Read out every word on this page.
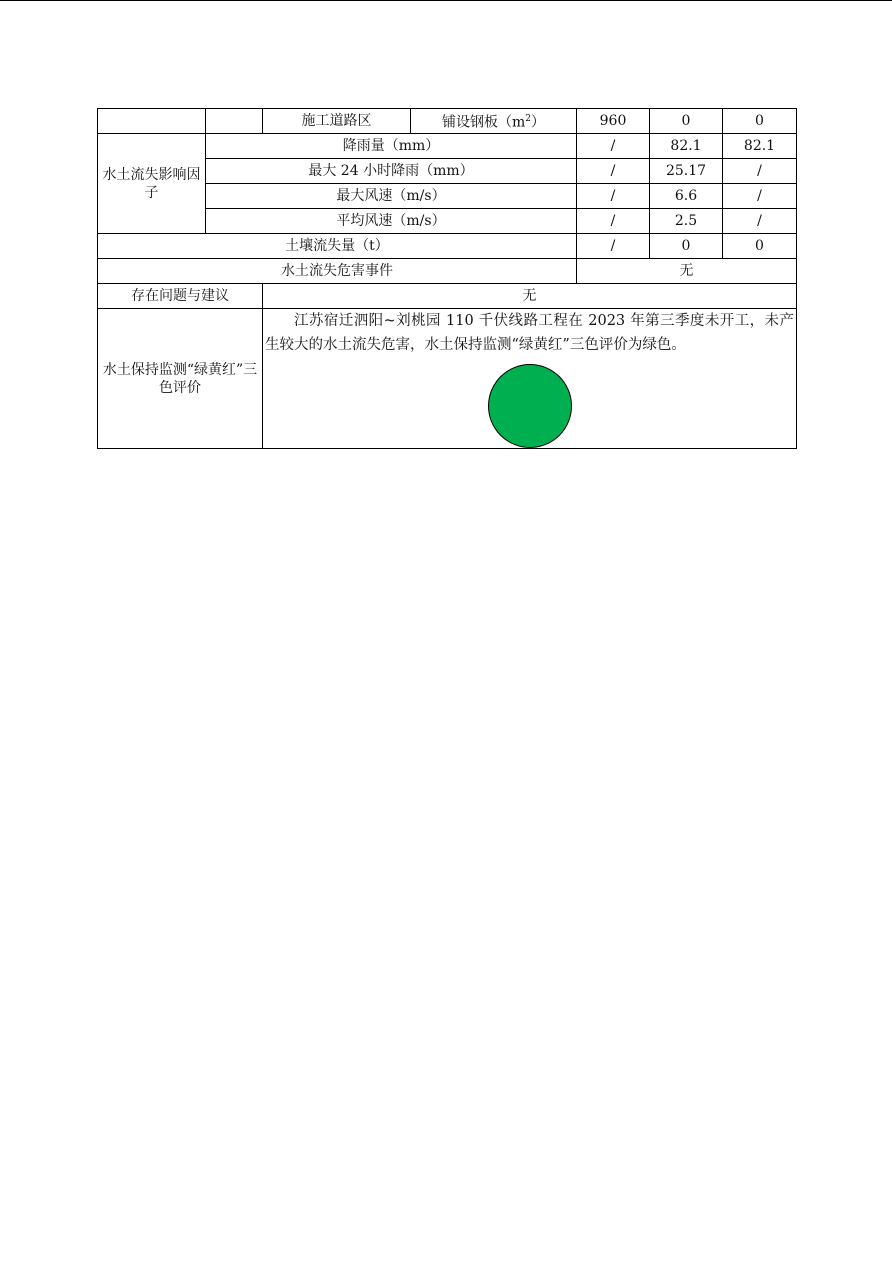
		施工道路区	铺设钢板$(m^2)$	960	0	0
水土流失影响因子	降雨量（mm）			/	82.1	82.1
	最大 24 小时降雨（mm）			/	25.17	/
	最大风速（m/s）			/	6.6	/
	平均风速（m/s）			/	2.5	/
土壤流失量（t）				/	0	0
水土流失危害事件				无		
存在问题与建议		无				
水土保持监测“绿黄红”三色评价		江苏宿迁泗阳~刘桃园 110 千伏线路工程在 2023 年第三季度未开工，未产生较大的水土流失危害，水土保持监测“绿黄红”三色评价为绿色。				
